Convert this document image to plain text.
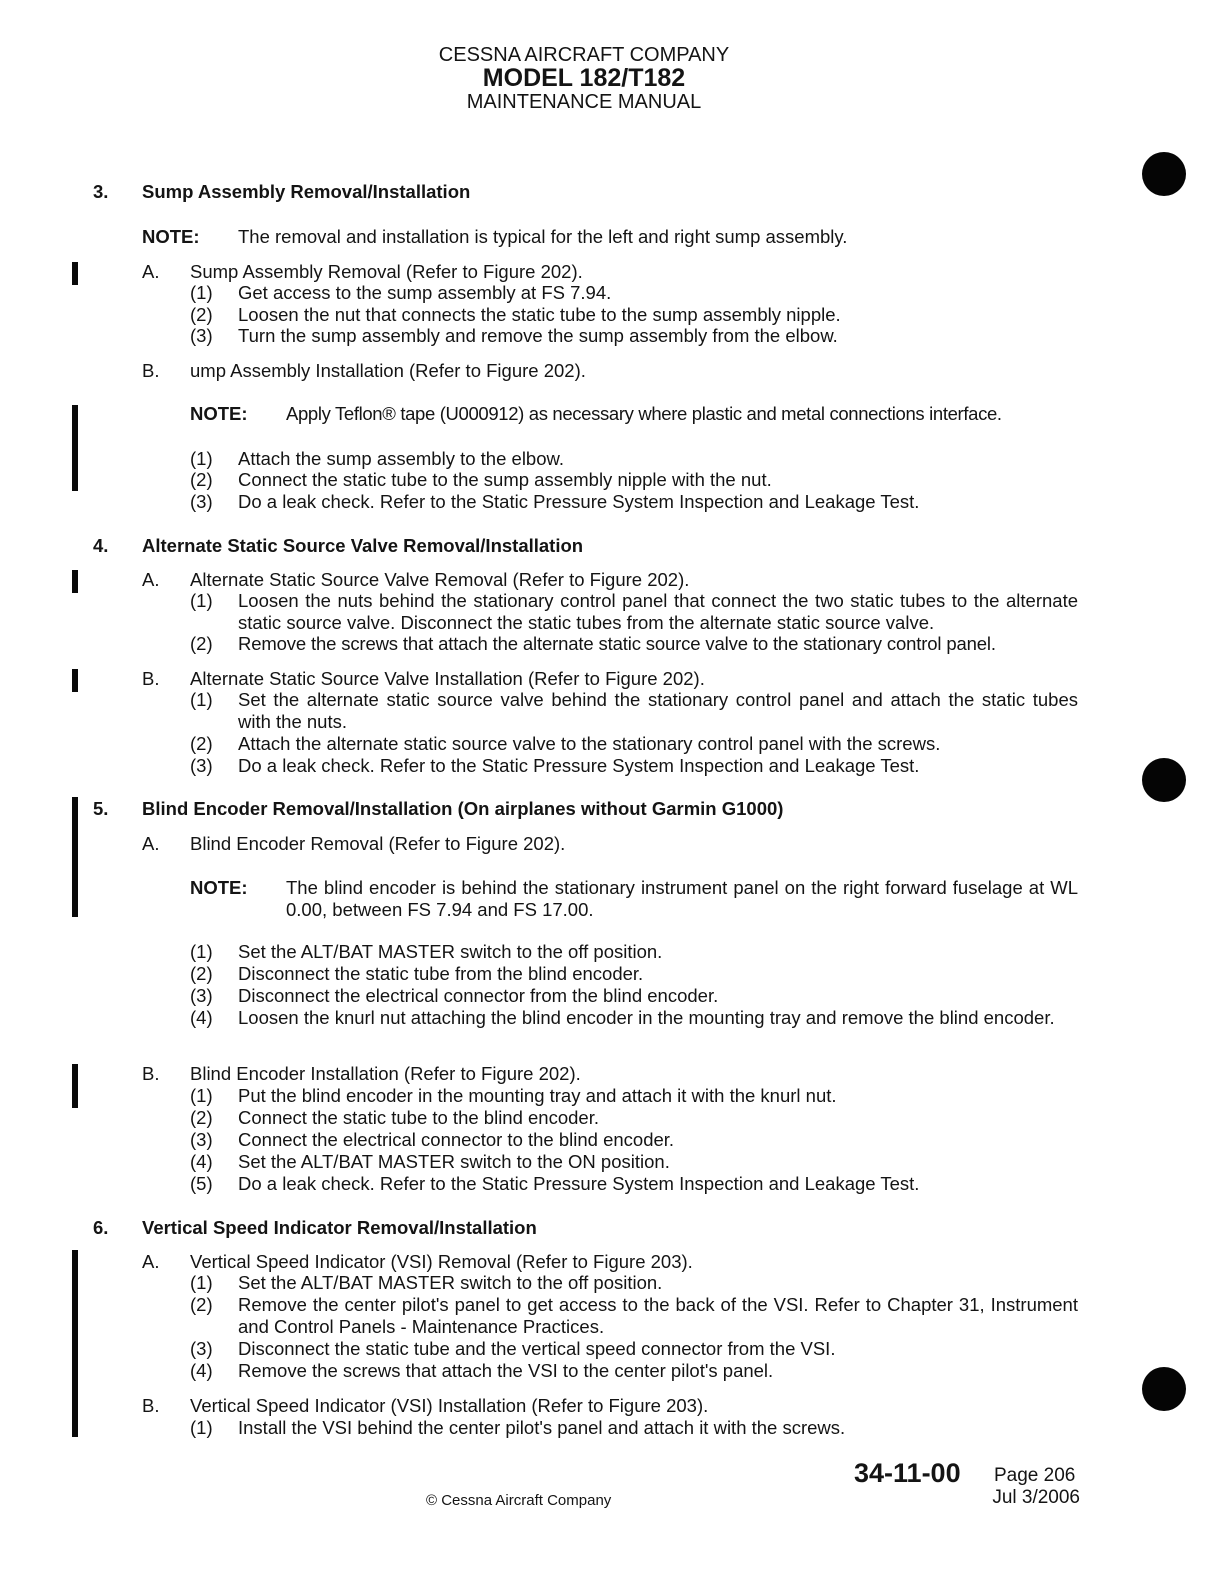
CESSNA AIRCRAFT COMPANY
MODEL 182/T182
MAINTENANCE MANUAL
3. Sump Assembly Removal/Installation
NOTE: The removal and installation is typical for the left and right sump assembly.
A. Sump Assembly Removal (Refer to Figure 202).
(1) Get access to the sump assembly at FS 7.94.
(2) Loosen the nut that connects the static tube to the sump assembly nipple.
(3) Turn the sump assembly and remove the sump assembly from the elbow.
B. ump Assembly Installation (Refer to Figure 202).
NOTE: Apply Teflon® tape (U000912) as necessary where plastic and metal connections interface.
(1) Attach the sump assembly to the elbow.
(2) Connect the static tube to the sump assembly nipple with the nut.
(3) Do a leak check. Refer to the Static Pressure System Inspection and Leakage Test.
4. Alternate Static Source Valve Removal/Installation
A. Alternate Static Source Valve Removal (Refer to Figure 202).
(1) Loosen the nuts behind the stationary control panel that connect the two static tubes to the alternate static source valve. Disconnect the static tubes from the alternate static source valve.
(2) Remove the screws that attach the alternate static source valve to the stationary control panel.
B. Alternate Static Source Valve Installation (Refer to Figure 202).
(1) Set the alternate static source valve behind the stationary control panel and attach the static tubes with the nuts.
(2) Attach the alternate static source valve to the stationary control panel with the screws.
(3) Do a leak check. Refer to the Static Pressure System Inspection and Leakage Test.
5. Blind Encoder Removal/Installation (On airplanes without Garmin G1000)
A. Blind Encoder Removal (Refer to Figure 202).
NOTE: The blind encoder is behind the stationary instrument panel on the right forward fuselage at WL 0.00, between FS 7.94 and FS 17.00.
(1) Set the ALT/BAT MASTER switch to the off position.
(2) Disconnect the static tube from the blind encoder.
(3) Disconnect the electrical connector from the blind encoder.
(4) Loosen the knurl nut attaching the blind encoder in the mounting tray and remove the blind encoder.
B. Blind Encoder Installation (Refer to Figure 202).
(1) Put the blind encoder in the mounting tray and attach it with the knurl nut.
(2) Connect the static tube to the blind encoder.
(3) Connect the electrical connector to the blind encoder.
(4) Set the ALT/BAT MASTER switch to the ON position.
(5) Do a leak check. Refer to the Static Pressure System Inspection and Leakage Test.
6. Vertical Speed Indicator Removal/Installation
A. Vertical Speed Indicator (VSI) Removal (Refer to Figure 203).
(1) Set the ALT/BAT MASTER switch to the off position.
(2) Remove the center pilot's panel to get access to the back of the VSI. Refer to Chapter 31, Instrument and Control Panels - Maintenance Practices.
(3) Disconnect the static tube and the vertical speed connector from the VSI.
(4) Remove the screws that attach the VSI to the center pilot's panel.
B. Vertical Speed Indicator (VSI) Installation (Refer to Figure 203).
(1) Install the VSI behind the center pilot's panel and attach it with the screws.
34-11-00 Page 206
Jul 3/2006
© Cessna Aircraft Company
